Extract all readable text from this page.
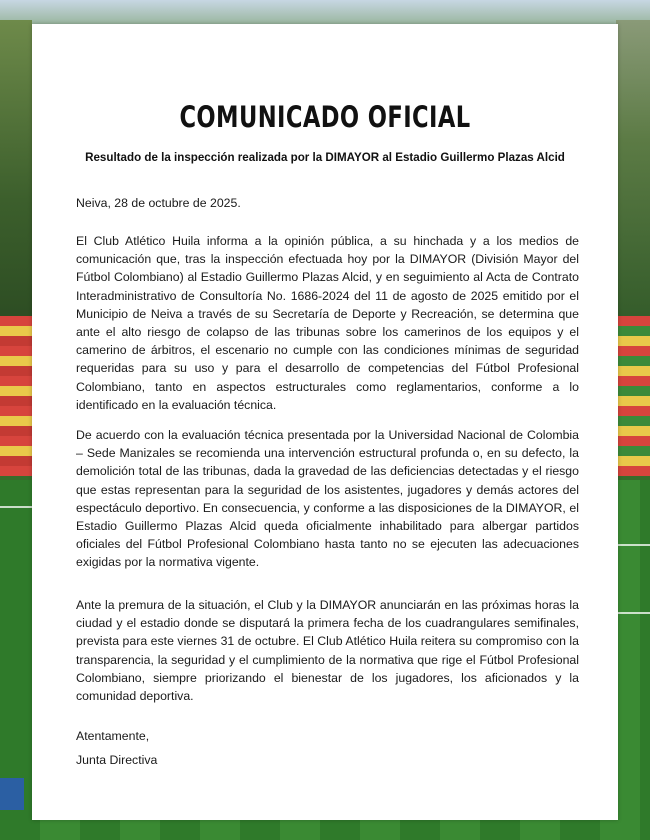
COMUNICADO OFICIAL
Resultado de la inspección realizada por la DIMAYOR al Estadio Guillermo Plazas Alcid

Neiva, 28 de octubre de 2025.

El Club Atlético Huila informa a la opinión pública, a su hinchada y a los medios de comunicación que, tras la inspección efectuada hoy por la DIMAYOR (División Mayor del Fútbol Colombiano) al Estadio Guillermo Plazas Alcid, y en seguimiento al Acta de Contrato Interadministrativo de Consultoría No. 1686-2024 del 11 de agosto de 2025 emitido por el Municipio de Neiva a través de su Secretaría de Deporte y Recreación, se determina que ante el alto riesgo de colapso de las tribunas sobre los camerinos de los equipos y el camerino de árbitros, el escenario no cumple con las condiciones mínimas de seguridad requeridas para su uso y para el desarrollo de competencias del Fútbol Profesional Colombiano, tanto en aspectos estructurales como reglamentarios, conforme a lo identificado en la evaluación técnica.

De acuerdo con la evaluación técnica presentada por la Universidad Nacional de Colombia – Sede Manizales se recomienda una intervención estructural profunda o, en su defecto, la demolición total de las tribunas, dada la gravedad de las deficiencias detectadas y el riesgo que estas representan para la seguridad de los asistentes, jugadores y demás actores del espectáculo deportivo. En consecuencia, y conforme a las disposiciones de la DIMAYOR, el Estadio Guillermo Plazas Alcid queda oficialmente inhabilitado para albergar partidos oficiales del Fútbol Profesional Colombiano hasta tanto no se ejecuten las adecuaciones exigidas por la normativa vigente.

Ante la premura de la situación, el Club y la DIMAYOR anunciarán en las próximas horas la ciudad y el estadio donde se disputará la primera fecha de los cuadrangulares semifinales, prevista para este viernes 31 de octubre. El Club Atlético Huila reitera su compromiso con la transparencia, la seguridad y el cumplimiento de la normativa que rige el Fútbol Profesional Colombiano, siempre priorizando el bienestar de los jugadores, los aficionados y la comunidad deportiva.

Atentamente,

Junta Directiva
